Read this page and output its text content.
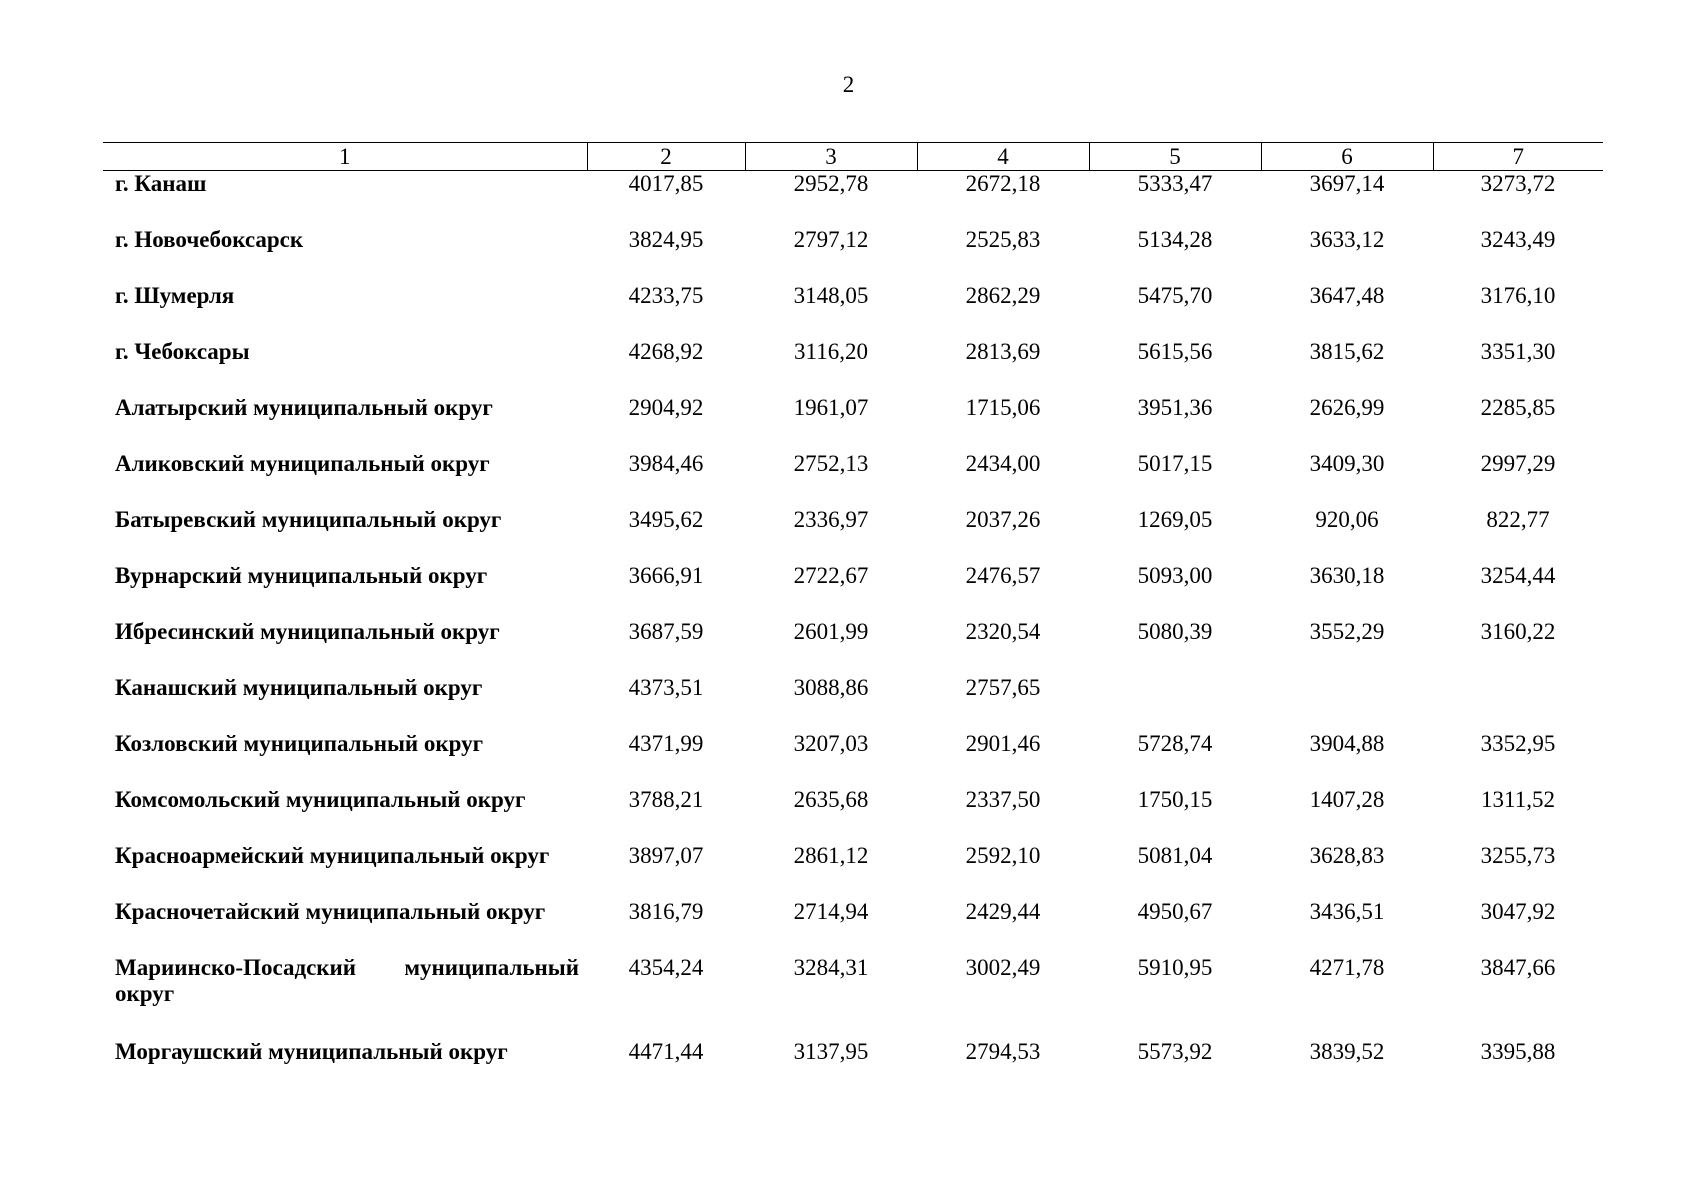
2
1	2	3	4	5	6	7
г. Канаш	4017,85	2952,78	2672,18	5333,47	3697,14	3273,72
г. Новочебоксарск	3824,95	2797,12	2525,83	5134,28	3633,12	3243,49
г. Шумерля	4233,75	3148,05	2862,29	5475,70	3647,48	3176,10
г. Чебоксары	4268,92	3116,20	2813,69	5615,56	3815,62	3351,30
Алатырский муниципальный округ	2904,92	1961,07	1715,06	3951,36	2626,99	2285,85
Аликовский муниципальный округ	3984,46	2752,13	2434,00	5017,15	3409,30	2997,29
Батыревский муниципальный округ	3495,62	2336,97	2037,26	1269,05	920,06	822,77
Вурнарский муниципальный округ	3666,91	2722,67	2476,57	5093,00	3630,18	3254,44
Ибресинский муниципальный округ	3687,59	2601,99	2320,54	5080,39	3552,29	3160,22
Канашский муниципальный округ	4373,51	3088,86	2757,65			
Козловский муниципальный округ	4371,99	3207,03	2901,46	5728,74	3904,88	3352,95
Комсомольский муниципальный округ	3788,21	2635,68	2337,50	1750,15	1407,28	1311,52
Красноармейский муниципальный округ	3897,07	2861,12	2592,10	5081,04	3628,83	3255,73
Красночетайский муниципальный округ	3816,79	2714,94	2429,44	4950,67	3436,51	3047,92
Мариинско-Посадский муниципальный округ	4354,24	3284,31	3002,49	5910,95	4271,78	3847,66
Моргаушский муниципальный округ	4471,44	3137,95	2794,53	5573,92	3839,52	3395,88
